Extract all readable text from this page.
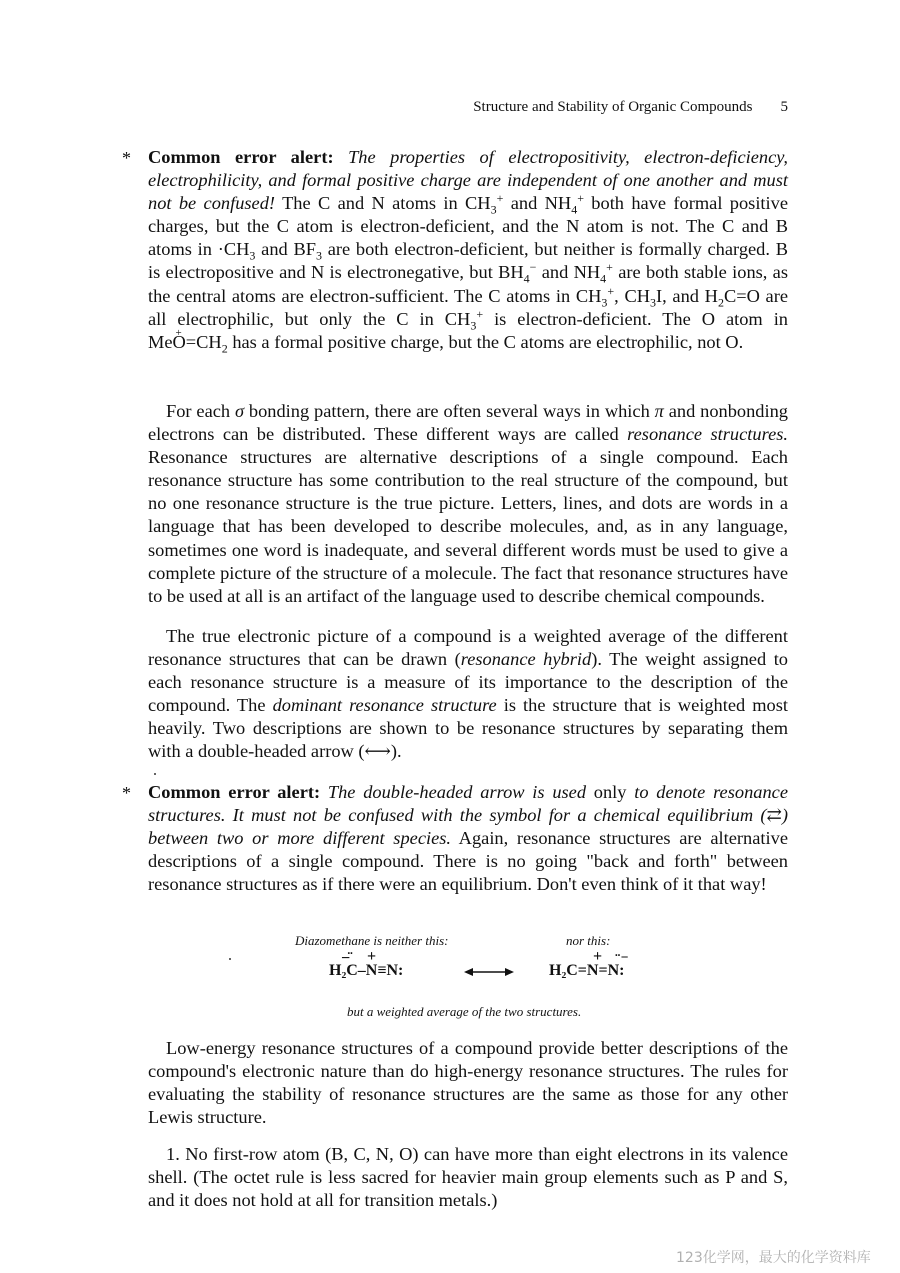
Structure and Stability of Organic Compounds 5
* Common error alert: The properties of electropositivity, electron-deficiency, electrophilicity, and formal positive charge are independent of one another and must not be confused! The C and N atoms in $CH_3^+$ and $NH_4^+$ both have formal positive charges, but the C atom is electron-deficient, and the N atom is not. The C and B atoms in $\cdot CH_3$ and $BF_3$ are both electron-deficient, but neither is formally charged. B is electropositive and N is electronegative, but $BH_4^-$ and $NH_4^+$ are both stable ions, as the central atoms are electron-sufficient. The C atoms in $CH_3^+$, $CH_3I$, and $H_2C=O$ are all electrophilic, but only the C in $CH_3^+$ is electron-deficient. The O atom in $Me+ O=CH_2$ has a formal positive charge, but the C atoms are electrophilic, not O.
For each σ bonding pattern, there are often several ways in which π and nonbonding electrons can be distributed. These different ways are called resonance structures. Resonance structures are alternative descriptions of a single compound. Each resonance structure has some contribution to the real structure of the compound, but no one resonance structure is the true picture. Letters, lines, and dots are words in a language that has been developed to describe molecules, and, as in any language, sometimes one word is inadequate, and several different words must be used to give a complete picture of the structure of a molecule. The fact that resonance structures have to be used at all is an artifact of the language used to describe chemical compounds.
The true electronic picture of a compound is a weighted average of the different resonance structures that can be drawn (resonance hybrid). The weight assigned to each resonance structure is a measure of its importance to the description of the compound. The dominant resonance structure is the structure that is weighted most heavily. Two descriptions are shown to be resonance structures by separating them with a double-headed arrow (⟷).
* Common error alert: The double-headed arrow is used only to denote resonance structures. It must not be confused with the symbol for a chemical equilibrium (⇄) between two or more different species. Again, resonance structures are alternative descriptions of a single compound. There is no going "back and forth" between resonance structures as if there were an equilibrium. Don't even think of it that way!
Diazomethane is neither this:	nor this:
H₂C–N≡N:
−̈ +
H₂C=N=N:
+ ¨⁻
but a weighted average of the two structures.
Low-energy resonance structures of a compound provide better descriptions of the compound's electronic nature than do high-energy resonance structures. The rules for evaluating the stability of resonance structures are the same as those for any other Lewis structure.
1. No first-row atom (B, C, N, O) can have more than eight electrons in its valence shell. (The octet rule is less sacred for heavier main group elements such as P and S, and it does not hold at all for transition metals.)
123化学网，最大的化学资料库
